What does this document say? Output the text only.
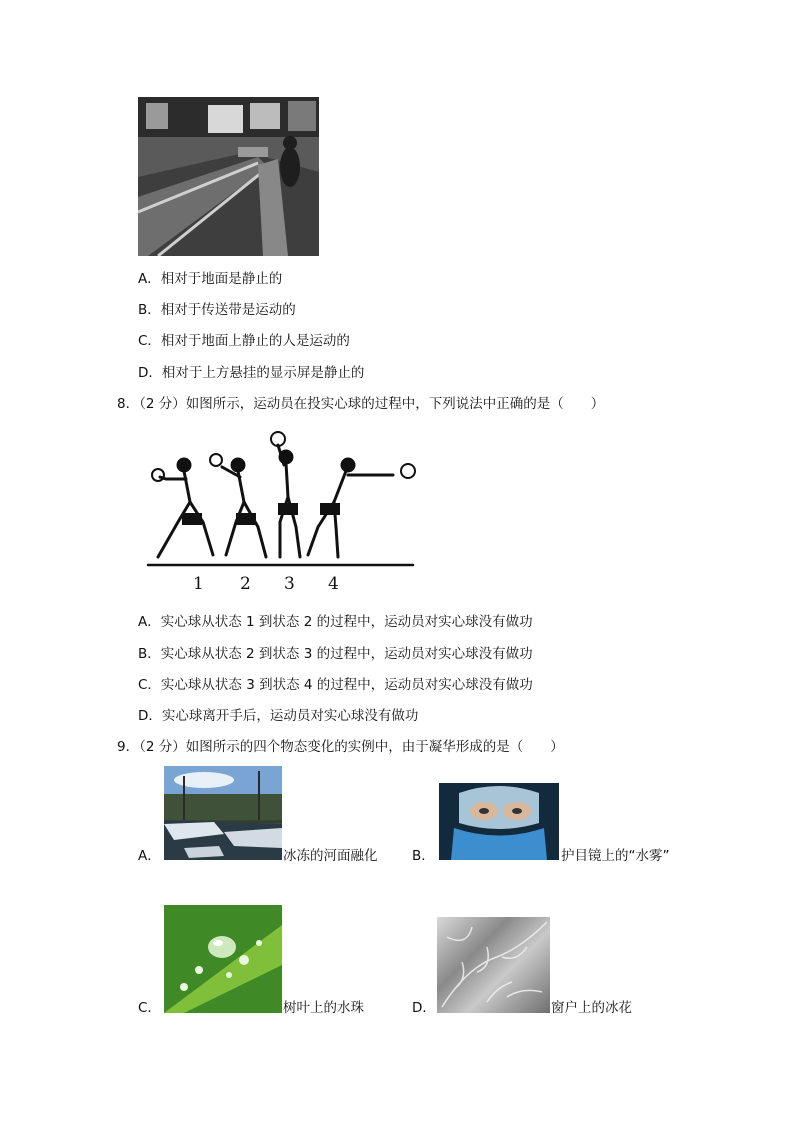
A．相对于地面是静止的
B．相对于传送带是运动的
C．相对于地面上静止的人是运动的
D．相对于上方悬挂的显示屏是静止的
8．（2 分）如图所示，运动员在投实心球的过程中，下列说法中正确的是（　　）
1 2 3 4
A．实心球从状态 1 到状态 2 的过程中，运动员对实心球没有做功
B．实心球从状态 2 到状态 3 的过程中，运动员对实心球没有做功
C．实心球从状态 3 到状态 4 的过程中，运动员对实心球没有做功
D．实心球离开手后，运动员对实心球没有做功
9．（2 分）如图所示的四个物态变化的实例中，由于凝华形成的是（　　）
A．	冰冻的河面融化	B．	护目镜上的“水雾”
C．	树叶上的水珠	D．	窗户上的冰花
